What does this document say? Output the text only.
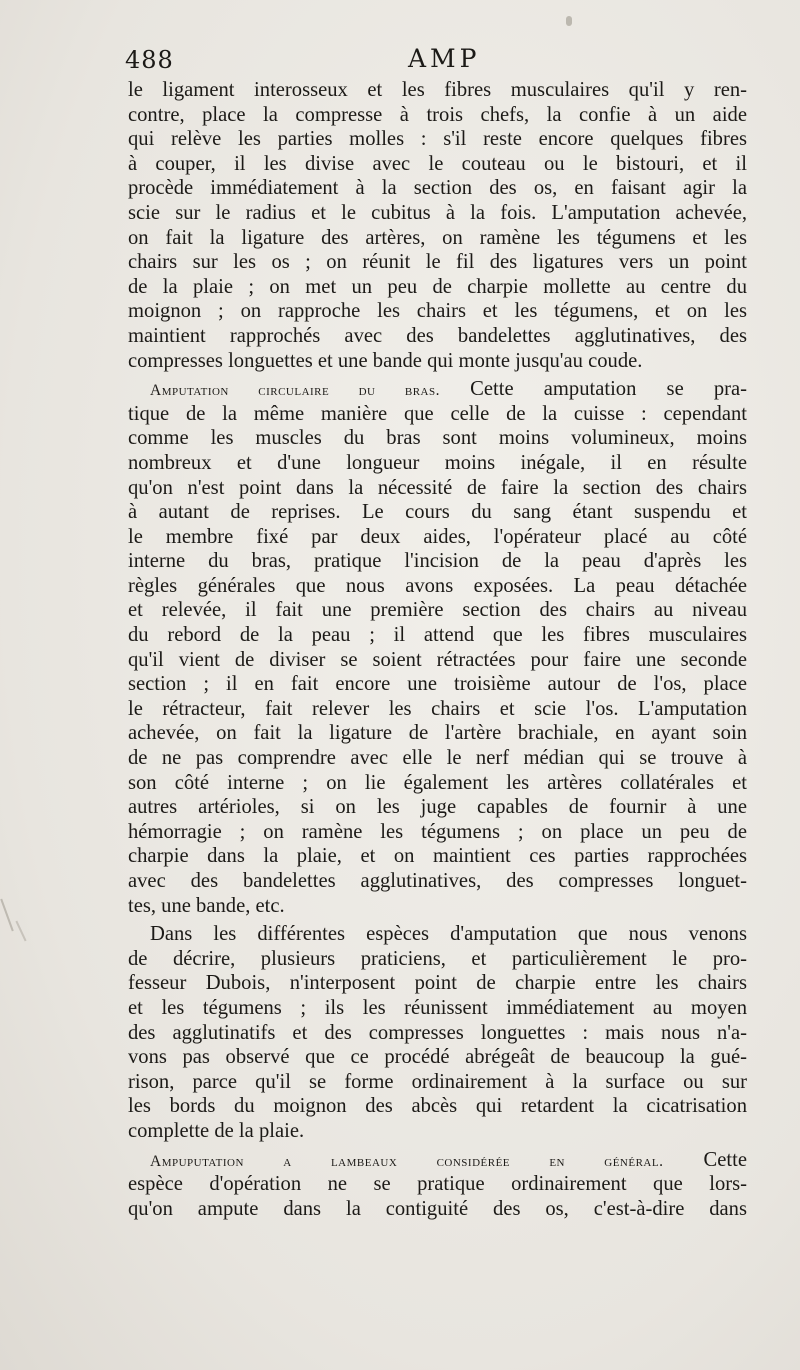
488	AMP
le ligament interosseux et les fibres musculaires qu'il y ren-
contre, place la compresse à trois chefs, la confie à un aide
qui relève les parties molles : s'il reste encore quelques fibres
à couper, il les divise avec le couteau ou le bistouri, et il
procède immédiatement à la section des os, en faisant agir la
scie sur le radius et le cubitus à la fois. L'amputation achevée,
on fait la ligature des artères, on ramène les tégumens et les
chairs sur les os ; on réunit le fil des ligatures vers un point
de la plaie ; on met un peu de charpie mollette au centre du
moignon ; on rapproche les chairs et les tégumens, et on les
maintient rapprochés avec des bandelettes agglutinatives, des
compresses longuettes et une bande qui monte jusqu'au coude.
Amputation circulaire du bras. Cette amputation se pra-
tique de la même manière que celle de la cuisse : cependant
comme les muscles du bras sont moins volumineux, moins
nombreux et d'une longueur moins inégale, il en résulte
qu'on n'est point dans la nécessité de faire la section des chairs
à autant de reprises. Le cours du sang étant suspendu et
le membre fixé par deux aides, l'opérateur placé au côté
interne du bras, pratique l'incision de la peau d'après les
règles générales que nous avons exposées. La peau détachée
et relevée, il fait une première section des chairs au niveau
du rebord de la peau ; il attend que les fibres musculaires
qu'il vient de diviser se soient rétractées pour faire une seconde
section ; il en fait encore une troisième autour de l'os, place
le rétracteur, fait relever les chairs et scie l'os. L'amputation
achevée, on fait la ligature de l'artère brachiale, en ayant soin
de ne pas comprendre avec elle le nerf médian qui se trouve à
son côté interne ; on lie également les artères collatérales et
autres artérioles, si on les juge capables de fournir à une
hémorragie ; on ramène les tégumens ; on place un peu de
charpie dans la plaie, et on maintient ces parties rapprochées
avec des bandelettes agglutinatives, des compresses longuet-
tes, une bande, etc.
Dans les différentes espèces d'amputation que nous venons
de décrire, plusieurs praticiens, et particulièrement le pro-
fesseur Dubois, n'interposent point de charpie entre les chairs
et les tégumens ; ils les réunissent immédiatement au moyen
des agglutinatifs et des compresses longuettes : mais nous n'a-
vons pas observé que ce procédé abrégeât de beaucoup la gué-
rison, parce qu'il se forme ordinairement à la surface ou sur
les bords du moignon des abcès qui retardent la cicatrisation
complette de la plaie.
Ampuputation a lambeaux considérée en général. Cette
espèce d'opération ne se pratique ordinairement que lors-
qu'on ampute dans la contiguité des os, c'est-à-dire dans
